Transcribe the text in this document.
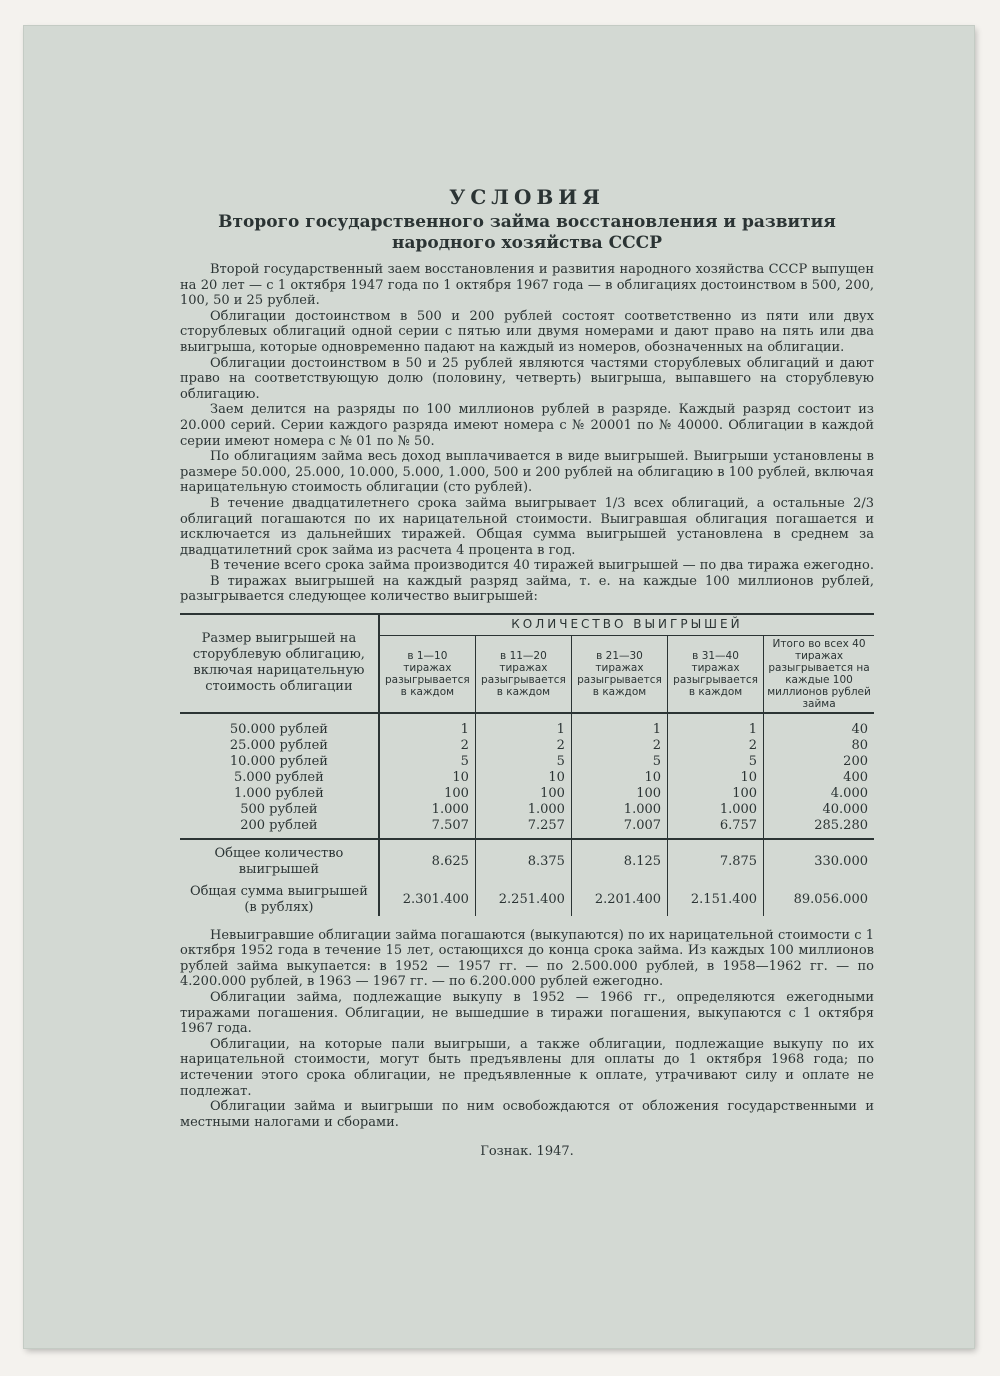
УСЛОВИЯ
Второго государственного займа восстановления и развития народного хозяйства СССР

Второй государственный заем восстановления и развития народного хозяйства СССР выпущен на 20 лет — с 1 октября 1947 года по 1 октября 1967 года — в облигациях достоинством в 500, 200, 100, 50 и 25 рублей.

Облигации достоинством в 500 и 200 рублей состоят соответственно из пяти или двух сторублевых облигаций одной серии с пятью или двумя номерами и дают право на пять или два выигрыша, которые одновременно падают на каждый из номеров, обозначенных на облигации.

Облигации достоинством в 50 и 25 рублей являются частями сторублевых облигаций и дают право на соответствующую долю (половину, четверть) выигрыша, выпавшего на сторублевую облигацию.

Заем делится на разряды по 100 миллионов рублей в разряде. Каждый разряд состоит из 20.000 серий. Серии каждого разряда имеют номера с № 20001 по № 40000. Облигации в каждой серии имеют номера с № 01 по № 50.

По облигациям займа весь доход выплачивается в виде выигрышей. Выигрыши установлены в размере 50.000, 25.000, 10.000, 5.000, 1.000, 500 и 200 рублей на облигацию в 100 рублей, включая нарицательную стоимость облигации (сто рублей).

В течение двадцатилетнего срока займа выигрывает 1/3 всех облигаций, а остальные 2/3 облигаций погашаются по их нарицательной стоимости. Выигравшая облигация погашается и исключается из дальнейших тиражей. Общая сумма выигрышей установлена в среднем за двадцатилетний срок займа из расчета 4 процента в год.

В течение всего срока займа производится 40 тиражей выигрышей — по два тиража ежегодно.

В тиражах выигрышей на каждый разряд займа, т. е. на каждые 100 миллионов рублей, разыгрывается следующее количество выигрышей:

Размер выигрышей на сторублевую облигацию, включая нарицательную стоимость облигации	КОЛИЧЕСТВО ВЫИГРЫШЕЙ				
	в 1—10 тиражах разыгрывается в каждом	в 11—20 тиражах разыгрывается в каждом	в 21—30 тиражах разыгрывается в каждом	в 31—40 тиражах разыгрывается в каждом	Итого во всех 40 тиражах разыгрывается на каждые 100 миллионов рублей займа
50.000 рублей	1	1	1	1	40
25.000 рублей	2	2	2	2	80
10.000 рублей	5	5	5	5	200
5.000 рублей	10	10	10	10	400
1.000 рублей	100	100	100	100	4.000
500 рублей	1.000	1.000	1.000	1.000	40.000
200 рублей	7.507	7.257	7.007	6.757	285.280
Общее количество выигрышей	8.625	8.375	8.125	7.875	330.000
Общая сумма выигрышей (в рублях)	2.301.400	2.251.400	2.201.400	2.151.400	89.056.000

Невыигравшие облигации займа погашаются (выкупаются) по их нарицательной стоимости с 1 октября 1952 года в течение 15 лет, остающихся до конца срока займа. Из каждых 100 миллионов рублей займа выкупается: в 1952 — 1957 гг. — по 2.500.000 рублей, в 1958—1962 гг. — по 4.200.000 рублей, в 1963 — 1967 гг. — по 6.200.000 рублей ежегодно.

Облигации займа, подлежащие выкупу в 1952 — 1966 гг., определяются ежегодными тиражами погашения. Облигации, не вышедшие в тиражи погашения, выкупаются с 1 октября 1967 года.

Облигации, на которые пали выигрыши, а также облигации, подлежащие выкупу по их нарицательной стоимости, могут быть предъявлены для оплаты до 1 октября 1968 года; по истечении этого срока облигации, не предъявленные к оплате, утрачивают силу и оплате не подлежат.

Облигации займа и выигрыши по ним освобождаются от обложения государственными и местными налогами и сборами.

Гознак. 1947.
